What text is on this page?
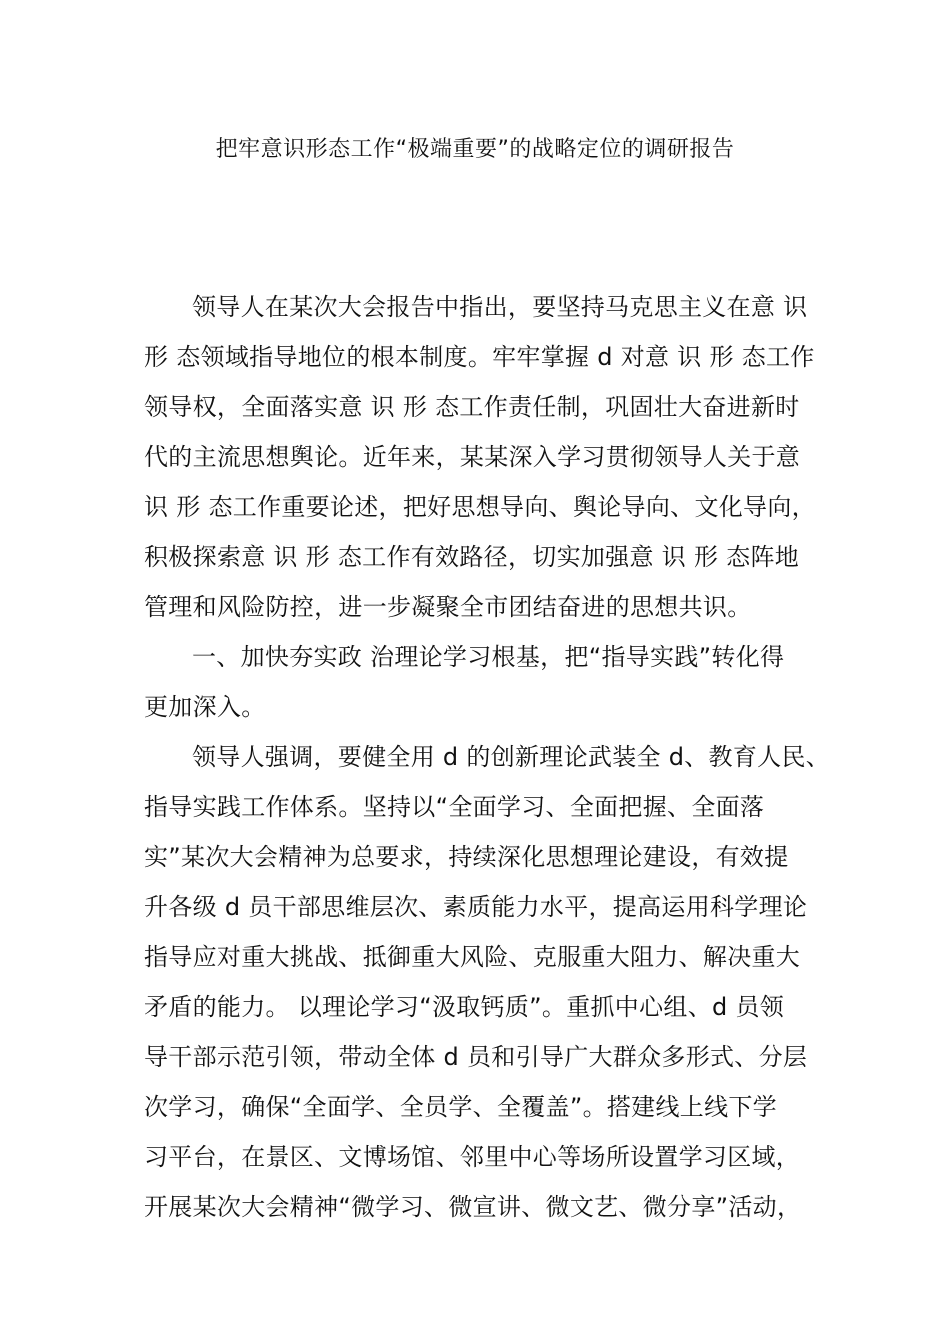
把牢意识形态工作“极端重要”的战略定位的调研报告
领导人在某次大会报告中指出，要坚持马克思主义在意 识
形 态领域指导地位的根本制度。牢牢掌握 d 对意 识 形 态工作
领导权，全面落实意 识 形 态工作责任制，巩固壮大奋进新时
代的主流思想舆论。近年来，某某深入学习贯彻领导人关于意
识 形 态工作重要论述，把好思想导向、舆论导向、文化导向，
积极探索意 识 形 态工作有效路径，切实加强意 识 形 态阵地
管理和风险防控，进一步凝聚全市团结奋进的思想共识。
一、加快夯实政 治理论学习根基，把“指导实践”转化得
更加深入。
领导人强调，要健全用 d 的创新理论武装全 d、教育人民、
指导实践工作体系。坚持以“全面学习、全面把握、全面落
实”某次大会精神为总要求，持续深化思想理论建设，有效提
升各级 d 员干部思维层次、素质能力水平，提高运用科学理论
指导应对重大挑战、抵御重大风险、克服重大阻力、解决重大
矛盾的能力。 以理论学习“汲取钙质”。重抓中心组、d 员领
导干部示范引领，带动全体 d 员和引导广大群众多形式、分层
次学习，确保“全面学、全员学、全覆盖”。搭建线上线下学
习平台，在景区、文博场馆、邻里中心等场所设置学习区域，
开展某次大会精神“微学习、微宣讲、微文艺、微分享”活动，
